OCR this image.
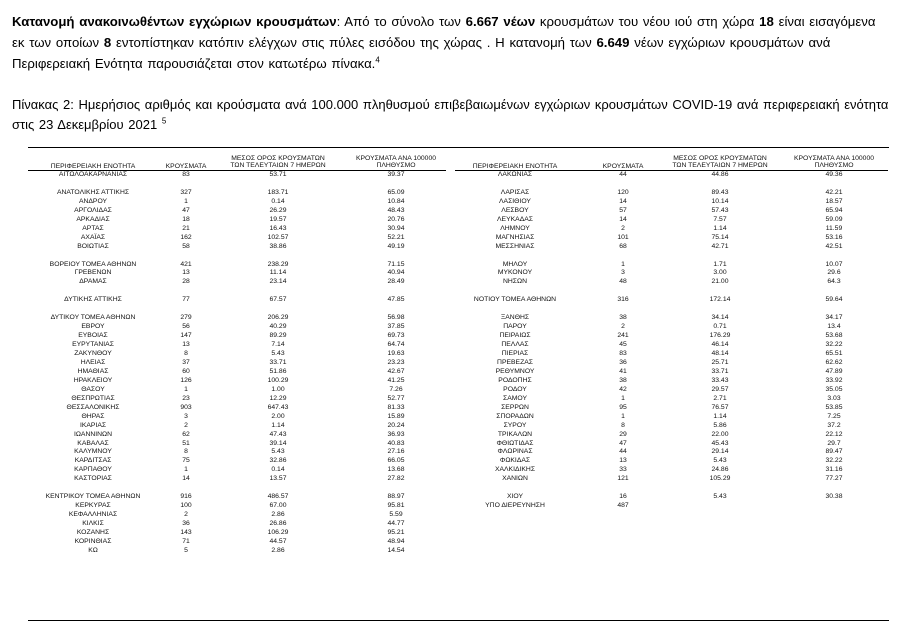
Κατανομή ανακοινωθέντων εγχώριων κρουσμάτων: Από το σύνολο των 6.667 νέων κρουσμάτων του νέου ιού στη χώρα 18 είναι εισαγόμενα εκ των οποίων 8 εντοπίστηκαν κατόπιν ελέγχων στις πύλες εισόδου της χώρας . Η κατανομή των 6.649 νέων εγχώριων κρουσμάτων ανά Περιφερειακή Ενότητα παρουσιάζεται στον κατωτέρω πίνακα.$^4$

Πίνακας 2: Ημερήσιος αριθμός και κρούσματα ανά 100.000 πληθυσμού επιβεβαιωμένων εγχώριων κρουσμάτων COVID-19 ανά περιφερειακή ενότητα στις 23 Δεκεμβρίου 2021 $^5$

ΠΕΡΙΦΕΡΕΙΑΚΗ ΕΝΟΤΗΤΑ	ΚΡΟΥΣΜΑΤΑ
ΜΕΣΟΣ ΟΡΟΣ ΚΡΟΥΣΜΑΤΩΝ
ΤΩΝ ΤΕΛΕΥΤΑΙΩΝ 7 ΗΜΕΡΩΝ
ΚΡΟΥΣΜΑΤΑ ΑΝΑ 100000
ΠΛΗΘΥΣΜΟ
ΑΙΤΩΛΟΑΚΑΡΝΑΝΙΑΣ	83	53.71	39.37
ΑΝΑΤΟΛΙΚΗΣ ΑΤΤΙΚΗΣ	327	183.71	65.09
ΑΝΔΡΟΥ	1	0.14	10.84
ΑΡΓΟΛΙΔΑΣ	47	26.29	48.43
ΑΡΚΑΔΙΑΣ	18	19.57	20.76
ΑΡΤΑΣ	21	16.43	30.94
ΑΧΑΪΑΣ	162	102.57	52.21
ΒΟΙΩΤΙΑΣ	58	38.86	49.19
ΒΟΡΕΙΟΥ ΤΟΜΕΑ ΑΘΗΝΩΝ	421	238.29	71.15
ΓΡΕΒΕΝΩΝ	13	11.14	40.94
ΔΡΑΜΑΣ	28	23.14	28.49
ΔΥΤΙΚΗΣ ΑΤΤΙΚΗΣ	77	67.57	47.85
ΔΥΤΙΚΟΥ ΤΟΜΕΑ ΑΘΗΝΩΝ	279	206.29	56.98
ΕΒΡΟΥ	56	40.29	37.85
ΕΥΒΟΙΑΣ	147	89.29	69.73
ΕΥΡΥΤΑΝΙΑΣ	13	7.14	64.74
ΖΑΚΥΝΘΟΥ	8	5.43	19.63
ΗΛΕΙΑΣ	37	33.71	23.23
ΗΜΑΘΙΑΣ	60	51.86	42.67
ΗΡΑΚΛΕΙΟΥ	126	100.29	41.25
ΘΑΣΟΥ	1	1.00	7.26
ΘΕΣΠΡΩΤΙΑΣ	23	12.29	52.77
ΘΕΣΣΑΛΟΝΙΚΗΣ	903	647.43	81.33
ΘΗΡΑΣ	3	2.00	15.89
ΙΚΑΡΙΑΣ	2	1.14	20.24
ΙΩΑΝΝΙΝΩΝ	62	47.43	36.93
ΚΑΒΑΛΑΣ	51	39.14	40.83
ΚΑΛΥΜΝΟΥ	8	5.43	27.16
ΚΑΡΔΙΤΣΑΣ	75	32.86	66.05
ΚΑΡΠΑΘΟΥ	1	0.14	13.68
ΚΑΣΤΟΡΙΑΣ	14	13.57	27.82
ΚΕΝΤΡΙΚΟΥ ΤΟΜΕΑ ΑΘΗΝΩΝ	916	486.57	88.97
ΚΕΡΚΥΡΑΣ	100	67.00	95.81
ΚΕΦΑΛΛΗΝΙΑΣ	2	2.86	5.59
ΚΙΛΚΙΣ	36	26.86	44.77
ΚΟΖΑΝΗΣ	143	106.29	95.21
ΚΟΡΙΝΘΙΑΣ	71	44.57	48.94
ΚΩ	5	2.86	14.54
ΠΕΡΙΦΕΡΕΙΑΚΗ ΕΝΟΤΗΤΑ	ΚΡΟΥΣΜΑΤΑ
ΜΕΣΟΣ ΟΡΟΣ ΚΡΟΥΣΜΑΤΩΝ
ΤΩΝ ΤΕΛΕΥΤΑΙΩΝ 7 ΗΜΕΡΩΝ
ΚΡΟΥΣΜΑΤΑ ΑΝΑ 100000
ΠΛΗΘΥΣΜΟ
ΛΑΚΩΝΙΑΣ	44	44.86	49.36
ΛΑΡΙΣΑΣ	120	89.43	42.21
ΛΑΣΙΘΙΟΥ	14	10.14	18.57
ΛΕΣΒΟΥ	57	57.43	65.94
ΛΕΥΚΑΔΑΣ	14	7.57	59.09
ΛΗΜΝΟΥ	2	1.14	11.59
ΜΑΓΝΗΣΙΑΣ	101	75.14	53.16
ΜΕΣΣΗΝΙΑΣ	68	42.71	42.51
ΜΗΛΟΥ	1	1.71	10.07
ΜΥΚΟΝΟΥ	3	3.00	29.6
ΝΗΣΩΝ	48	21.00	64.3
ΝΟΤΙΟΥ ΤΟΜΕΑ ΑΘΗΝΩΝ	316	172.14	59.64
ΞΑΝΘΗΣ	38	34.14	34.17
ΠΑΡΟΥ	2	0.71	13.4
ΠΕΙΡΑΙΩΣ	241	176.29	53.68
ΠΕΛΛΑΣ	45	46.14	32.22
ΠΙΕΡΙΑΣ	83	48.14	65.51
ΠΡΕΒΕΖΑΣ	36	25.71	62.62
ΡΕΘΥΜΝΟΥ	41	33.71	47.89
ΡΟΔΟΠΗΣ	38	33.43	33.92
ΡΟΔΟΥ	42	29.57	35.05
ΣΑΜΟΥ	1	2.71	3.03
ΣΕΡΡΩΝ	95	76.57	53.85
ΣΠΟΡΑΔΩΝ	1	1.14	7.25
ΣΥΡΟΥ	8	5.86	37.2
ΤΡΙΚΑΛΩΝ	29	22.00	22.12
ΦΘΙΩΤΙΔΑΣ	47	45.43	29.7
ΦΛΩΡΙΝΑΣ	44	29.14	89.47
ΦΩΚΙΔΑΣ	13	5.43	32.22
ΧΑΛΚΙΔΙΚΗΣ	33	24.86	31.16
ΧΑΝΙΩΝ	121	105.29	77.27
ΧΙΟΥ	16	5.43	30.38
ΥΠΟ ΔΙΕΡΕΥΝΗΣΗ	487
